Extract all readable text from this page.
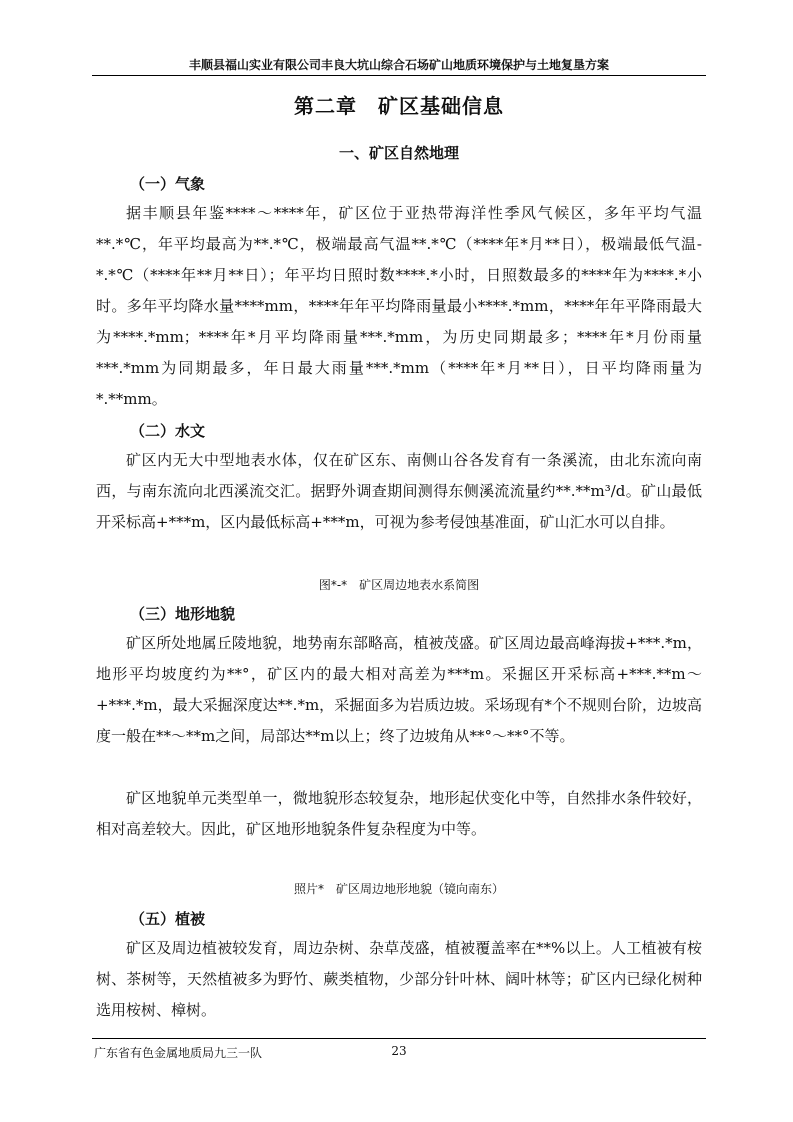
丰顺县福山实业有限公司丰良大坑山综合石场矿山地质环境保护与土地复垦方案
第二章　矿区基础信息
一、矿区自然地理
（一）气象
据丰顺县年鉴****～****年，矿区位于亚热带海洋性季风气候区，多年平均气温**.*℃，年平均最高为**.*℃，极端最高气温**.*℃（****年*月**日），极端最低气温-*.*℃（****年**月**日）；年平均日照时数****.*小时，日照数最多的****年为****.*小时。多年平均降水量****mm，****年年平均降雨量最小****.*mm，****年年平降雨最大为****.*mm；****年*月平均降雨量***.*mm，为历史同期最多；****年*月份雨量***.*mm为同期最多，年日最大雨量***.*mm（****年*月**日），日平均降雨量为*.**mm。
（二）水文
矿区内无大中型地表水体，仅在矿区东、南侧山谷各发育有一条溪流，由北东流向南西，与南东流向北西溪流交汇。据野外调查期间测得东侧溪流流量约**.**m³/d。矿山最低开采标高+***m，区内最低标高+***m，可视为参考侵蚀基准面，矿山汇水可以自排。
图*-*　矿区周边地表水系简图
（三）地形地貌
矿区所处地属丘陵地貌，地势南东部略高，植被茂盛。矿区周边最高峰海拔+***.*m，地形平均坡度约为**°，矿区内的最大相对高差为***m。采掘区开采标高+***.**m～+***.*m，最大采掘深度达**.*m，采掘面多为岩质边坡。采场现有*个不规则台阶，边坡高度一般在**～**m之间，局部达**m以上；终了边坡角从**°～**°不等。
矿区地貌单元类型单一，微地貌形态较复杂，地形起伏变化中等，自然排水条件较好，相对高差较大。因此，矿区地形地貌条件复杂程度为中等。
照片*　矿区周边地形地貌（镜向南东）
（五）植被
矿区及周边植被较发育，周边杂树、杂草茂盛，植被覆盖率在**%以上。人工植被有桉树、茶树等，天然植被多为野竹、蕨类植物，少部分针叶林、阔叶林等；矿区内已绿化树种选用桉树、樟树。
广东省有色金属地质局九三一队	23
